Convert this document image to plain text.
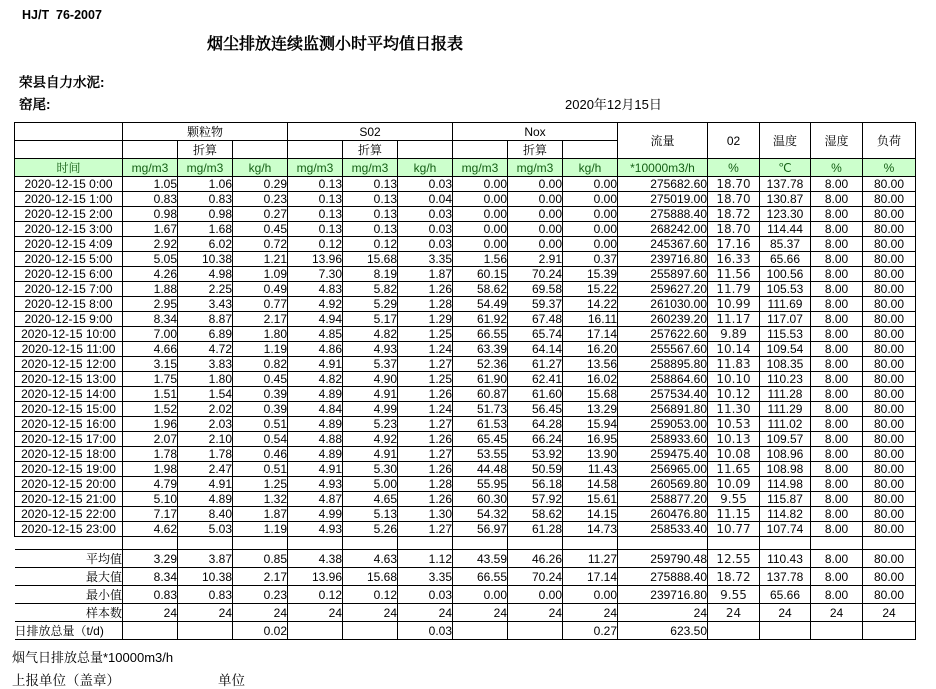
HJ/T  76-2007
烟尘排放连续监测小时平均值日报表
荣县自力水泥:
窑尾:	2020年12月15日
	颗粒物			S02			Nox			流量	02	温度	湿度	负荷
		折算			折算			折算						
时间	mg/m3	mg/m3	kg/h	mg/m3	mg/m3	kg/h	mg/m3	mg/m3	kg/h	*10000m3/h	%	℃	%	%
2020-12-15 0:00	1.05	1.06	0.29	0.13	0.13	0.03	0.00	0.00	0.00	275682.60	18.70	137.78	8.00	80.00
2020-12-15 1:00	0.83	0.83	0.23	0.13	0.13	0.04	0.00	0.00	0.00	275019.00	18.70	130.87	8.00	80.00
2020-12-15 2:00	0.98	0.98	0.27	0.13	0.13	0.03	0.00	0.00	0.00	275888.40	18.72	123.30	8.00	80.00
2020-12-15 3:00	1.67	1.68	0.45	0.13	0.13	0.03	0.00	0.00	0.00	268242.00	18.70	114.44	8.00	80.00
2020-12-15 4:09	2.92	6.02	0.72	0.12	0.12	0.03	0.00	0.00	0.00	245367.60	17.16	85.37	8.00	80.00
2020-12-15 5:00	5.05	10.38	1.21	13.96	15.68	3.35	1.56	2.91	0.37	239716.80	16.33	65.66	8.00	80.00
2020-12-15 6:00	4.26	4.98	1.09	7.30	8.19	1.87	60.15	70.24	15.39	255897.60	11.56	100.56	8.00	80.00
2020-12-15 7:00	1.88	2.25	0.49	4.83	5.82	1.26	58.62	69.58	15.22	259627.20	11.79	105.53	8.00	80.00
2020-12-15 8:00	2.95	3.43	0.77	4.92	5.29	1.28	54.49	59.37	14.22	261030.00	10.99	111.69	8.00	80.00
2020-12-15 9:00	8.34	8.87	2.17	4.94	5.17	1.29	61.92	67.48	16.11	260239.20	11.17	117.07	8.00	80.00
2020-12-15 10:00	7.00	6.89	1.80	4.85	4.82	1.25	66.55	65.74	17.14	257622.60	9.89	115.53	8.00	80.00
2020-12-15 11:00	4.66	4.72	1.19	4.86	4.93	1.24	63.39	64.14	16.20	255567.60	10.14	109.54	8.00	80.00
2020-12-15 12:00	3.15	3.83	0.82	4.91	5.37	1.27	52.36	61.27	13.56	258895.80	11.83	108.35	8.00	80.00
2020-12-15 13:00	1.75	1.80	0.45	4.82	4.90	1.25	61.90	62.41	16.02	258864.60	10.10	110.23	8.00	80.00
2020-12-15 14:00	1.51	1.54	0.39	4.89	4.91	1.26	60.87	61.60	15.68	257534.40	10.12	111.28	8.00	80.00
2020-12-15 15:00	1.52	2.02	0.39	4.84	4.99	1.24	51.73	56.45	13.29	256891.80	11.30	111.29	8.00	80.00
2020-12-15 16:00	1.96	2.03	0.51	4.89	5.23	1.27	61.53	64.28	15.94	259053.00	10.53	111.02	8.00	80.00
2020-12-15 17:00	2.07	2.10	0.54	4.88	4.92	1.26	65.45	66.24	16.95	258933.60	10.13	109.57	8.00	80.00
2020-12-15 18:00	1.78	1.78	0.46	4.89	4.91	1.27	53.55	53.92	13.90	259475.40	10.08	108.96	8.00	80.00
2020-12-15 19:00	1.98	2.47	0.51	4.91	5.30	1.26	44.48	50.59	11.43	256965.00	11.65	108.98	8.00	80.00
2020-12-15 20:00	4.79	4.91	1.25	4.93	5.00	1.28	55.95	56.18	14.58	260569.80	10.09	114.98	8.00	80.00
2020-12-15 21:00	5.10	4.89	1.32	4.87	4.65	1.26	60.30	57.92	15.61	258877.20	9.55	115.87	8.00	80.00
2020-12-15 22:00	7.17	8.40	1.87	4.99	5.13	1.30	54.32	58.62	14.15	260476.80	11.15	114.82	8.00	80.00
2020-12-15 23:00	4.62	5.03	1.19	4.93	5.26	1.27	56.97	61.28	14.73	258533.40	10.77	107.74	8.00	80.00

平均值	3.29	3.87	0.85	4.38	4.63	1.12	43.59	46.26	11.27	259790.48	12.55	110.43	8.00	80.00
最大值	8.34	10.38	2.17	13.96	15.68	3.35	66.55	70.24	17.14	275888.40	18.72	137.78	8.00	80.00
最小值	0.83	0.83	0.23	0.12	0.12	0.03	0.00	0.00	0.00	239716.80	9.55	65.66	8.00	80.00
样本数	24	24	24	24	24	24	24	24	24	24	24	24	24	24
日排放总量（t/d)			0.02			0.03			0.27	623.50				
烟气日排放总量*10000m3/h
上报单位（盖章）	单位
